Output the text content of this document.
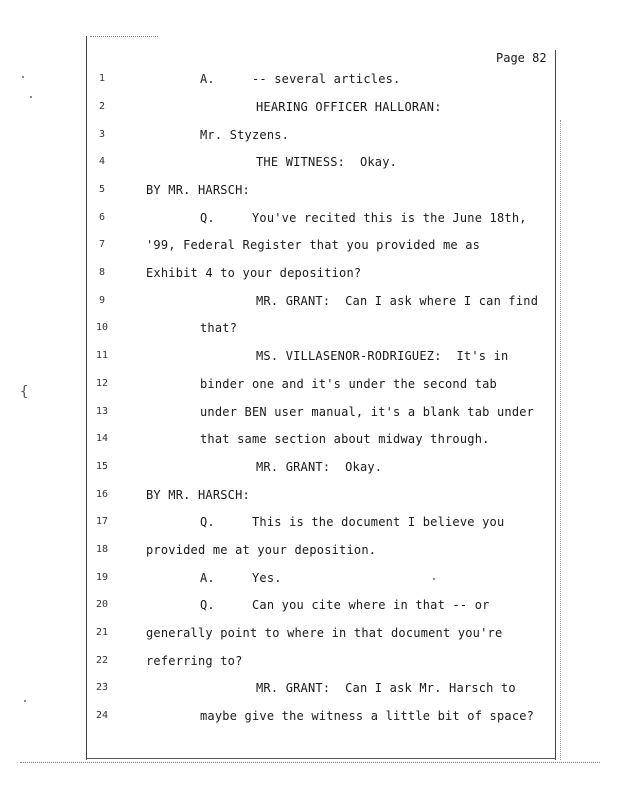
Page 82
1	A.     -- several articles.
2	HEARING OFFICER HALLORAN:
3	Mr. Styzens.
4	THE WITNESS:  Okay.
5	BY MR. HARSCH:
6	Q.     You've recited this is the June 18th,
7	'99, Federal Register that you provided me as
8	Exhibit 4 to your deposition?
9	MR. GRANT:  Can I ask where I can find
10	that?
11	MS. VILLASENOR-RODRIGUEZ:  It's in
12	binder one and it's under the second tab
13	under BEN user manual, it's a blank tab under
14	that same section about midway through.
15	MR. GRANT:  Okay.
16	BY MR. HARSCH:
17	Q.     This is the document I believe you
18	provided me at your deposition.
19	A.     Yes.
20	Q.     Can you cite where in that -- or
21	generally point to where in that document you're
22	referring to?
23	MR. GRANT:  Can I ask Mr. Harsch to
24	maybe give the witness a little bit of space?
{
